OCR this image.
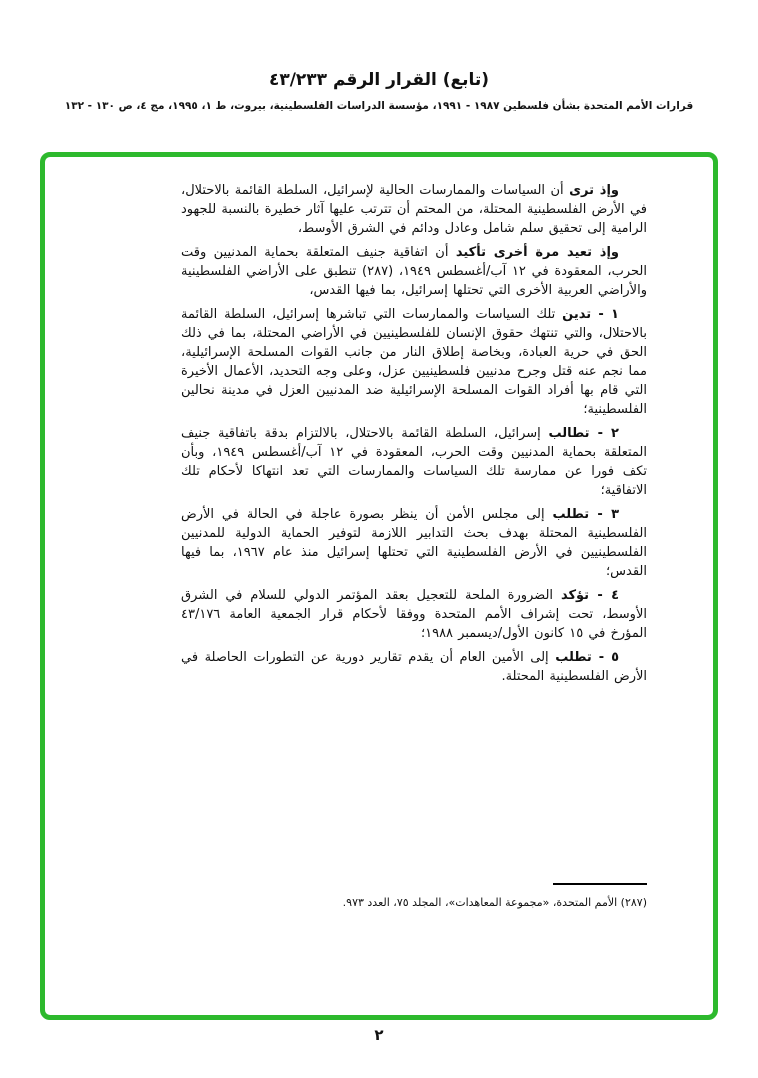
(تابع) القرار الرقم ٤٣/٢٣٣
قرارات الأمم المتحدة بشأن فلسطين ١٩٨٧ - ١٩٩١، مؤسسة الدراسات الفلسطينية، بيروت، ط ١، ١٩٩٥، مج ٤، ص ١٣٠ - ١٣٢

وإذ ترى أن السياسات والممارسات الحالية لإسرائيل، السلطة القائمة بالاحتلال، في الأرض الفلسطينية المحتلة، من المحتم أن تترتب عليها آثار خطيرة بالنسبة للجهود الرامية إلى تحقيق سلم شامل وعادل ودائم في الشرق الأوسط،

وإذ تعيد مرة أخرى تأكيد أن اتفاقية جنيف المتعلقة بحماية المدنيين وقت الحرب، المعقودة في ١٢ آب/أغسطس ١٩٤٩، (٢٨٧) تنطبق على الأراضي الفلسطينية والأراضي العربية الأخرى التي تحتلها إسرائيل، بما فيها القدس،

١ - تدين تلك السياسات والممارسات التي تباشرها إسرائيل، السلطة القائمة بالاحتلال، والتي تنتهك حقوق الإنسان للفلسطينيين في الأراضي المحتلة، بما في ذلك الحق في حرية العبادة، وبخاصة إطلاق النار من جانب القوات المسلحة الإسرائيلية، مما نجم عنه قتل وجرح مدنيين فلسطينيين عزل، وعلى وجه التحديد، الأعمال الأخيرة التي قام بها أفراد القوات المسلحة الإسرائيلية ضد المدنيين العزل في مدينة نحالين الفلسطينية؛

٢ - تطالب إسرائيل، السلطة القائمة بالاحتلال، بالالتزام بدقة باتفاقية جنيف المتعلقة بحماية المدنيين وقت الحرب، المعقودة في ١٢ آب/أغسطس ١٩٤٩، وبأن تكف فورا عن ممارسة تلك السياسات والممارسات التي تعد انتهاكا لأحكام تلك الاتفاقية؛

٣ - تطلب إلى مجلس الأمن أن ينظر بصورة عاجلة في الحالة في الأرض الفلسطينية المحتلة بهدف بحث التدابير اللازمة لتوفير الحماية الدولية للمدنيين الفلسطينيين في الأرض الفلسطينية التي تحتلها إسرائيل منذ عام ١٩٦٧، بما فيها القدس؛

٤ - تؤكد الضرورة الملحة للتعجيل بعقد المؤتمر الدولي للسلام في الشرق الأوسط، تحت إشراف الأمم المتحدة ووفقا لأحكام قرار الجمعية العامة ٤٣/١٧٦ المؤرخ في ١٥ كانون الأول/ديسمبر ١٩٨٨؛

٥ - تطلب إلى الأمين العام أن يقدم تقارير دورية عن التطورات الحاصلة في الأرض الفلسطينية المحتلة.

(٢٨٧) الأمم المتحدة، «مجموعة المعاهدات»، المجلد ٧٥، العدد ٩٧٣.
٢
